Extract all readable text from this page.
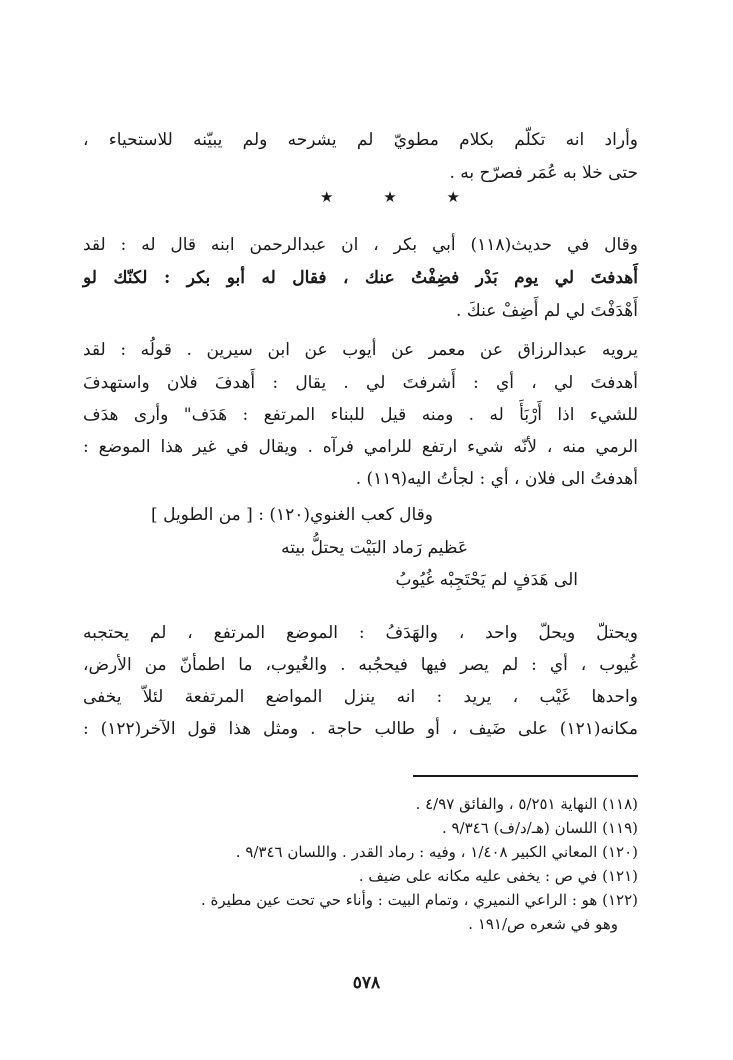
وأراد انه تكلّم بكلام مطويّ لم يشرحه ولم يبيّنه للاستحياء ،
حتى خلا به عُمَر فصرّح به .
★	★	★
وقال في حديث(١١٨) أبي بكر ، ان عبدالرحمن ابنه قال له : لقد
أَهدفتَ لي يوم بَدْر فضِفْتُ عنك ، فقال له أبو بكر : لكنّك لو
أَهْدَفْتَ لي لم أَضِفْ عنكَ .
يرويه عبدالرزاق عن معمر عن أيوب عن ابن سيرين . قولُه : لقد
أهدفتَ لي ، أي : أَشرفتَ لي . يقال : أَهدفَ فلان واستهدفَ
للشيء اذا أَرْبَأَ له . ومنه قيل للبناء المرتفع : هَدَف" وأرى هدَف
الرمي منه ، لأنّه شيء ارتفع للرامي فرآه . ويقال في غير هذا الموضع :
أهدفتُ الى فلان ، أي : لجأتُ اليه(١١٩) .
وقال كعب الغنوي(١٢٠) : [ من الطويل ]
عَظيم رَماد البَيْت يحتلُّ بيته
الى هَدَفٍ لم يَحْتَجِبْه غُيُوبُ
ويحتلّ ويحلّ واحد ، والهَدَفُ : الموضع المرتفع ، لم يحتجبه
غُيوب ، أي : لم يصر فيها فيحجُبه . والغُيوب، ما اطمأنّ من الأرض،
واحدها غَيْب ، يريد : انه ينزل المواضع المرتفعة لئلاّ يخفى
مكانه(١٢١) على ضَيف ، أو طالب حاجة . ومثل هذا قول الآخر(١٢٢) :
(١١٨) النهاية ٥/٢٥١ ، والفائق ٤/٩٧ .
(١١٩) اللسان (هـ/د/ف) ٩/٣٤٦ .
(١٢٠) المعاني الكبير ١/٤٠٨ ، وفيه : رماد القدر . واللسان ٩/٣٤٦ .
(١٢١) في ص : يخفى عليه مكانه على ضيف .
(١٢٢) هو : الراعي النميري ، وتمام البيت : وأناء حي تحت عين مطيرة .
وهو في شعره ص/١٩١ .
٥٧٨
